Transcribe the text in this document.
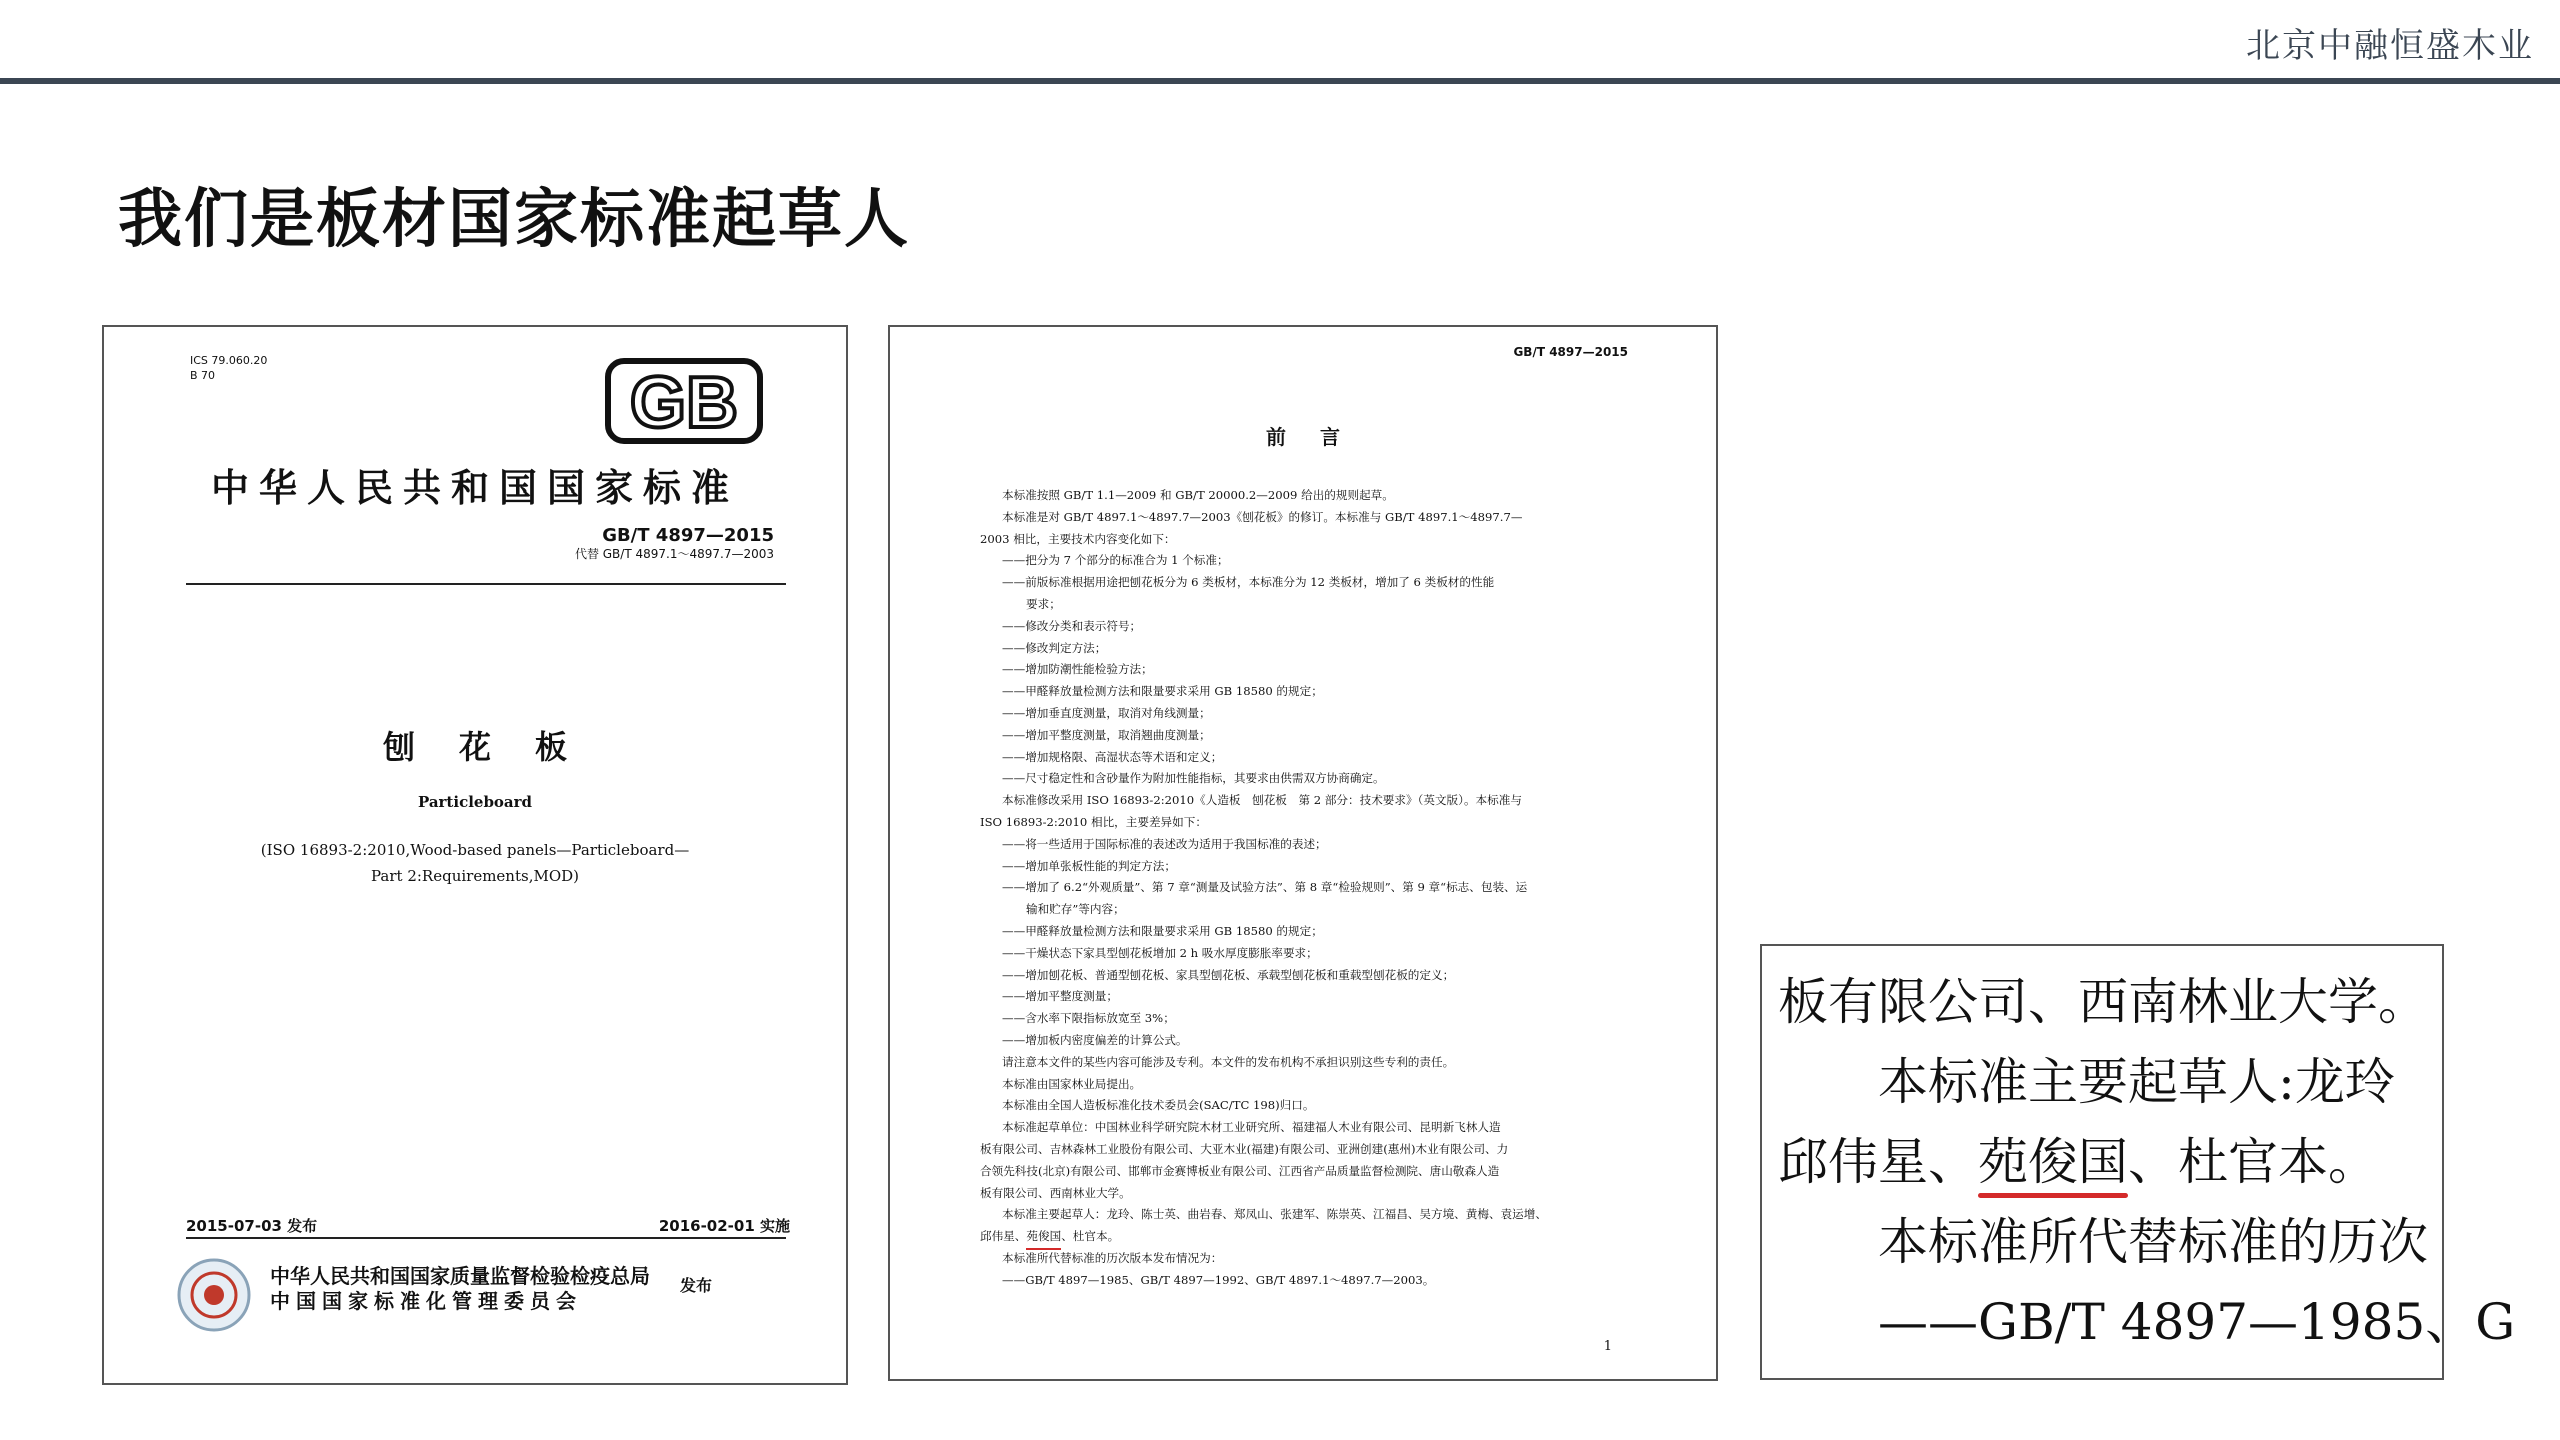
北京中融恒盛木业
我们是板材国家标准起草人
ICS 79.060.20
B 70	GB
中华人民共和国国家标准
GB/T 4897—2015
代替 GB/T 4897.1～4897.7—2003
刨花板
Particleboard
(ISO 16893-2:2010,Wood-based panels—Particleboard—
Part 2:Requirements,MOD)
2015-07-03 发布	2016-02-01 实施
中华人民共和国国家质量监督检验检疫总局
中国国家标准化管理委员会
发布
GB/T 4897—2015
前言
本标准按照 GB/T 1.1—2009 和 GB/T 20000.2—2009 给出的规则起草。
本标准是对 GB/T 4897.1～4897.7—2003《刨花板》的修订。本标准与 GB/T 4897.1～4897.7—
2003 相比，主要技术内容变化如下：
——把分为 7 个部分的标准合为 1 个标准；
——前版标准根据用途把刨花板分为 6 类板材，本标准分为 12 类板材，增加了 6 类板材的性能
要求；
——修改分类和表示符号；
——修改判定方法；
——增加防潮性能检验方法；
——甲醛释放量检测方法和限量要求采用 GB 18580 的规定；
——增加垂直度测量，取消对角线测量；
——增加平整度测量，取消翘曲度测量；
——增加规格限、高湿状态等术语和定义；
——尺寸稳定性和含砂量作为附加性能指标，其要求由供需双方协商确定。
本标准修改采用 ISO 16893-2:2010《人造板　刨花板　第 2 部分：技术要求》（英文版）。本标准与
ISO 16893-2:2010 相比，主要差异如下：
——将一些适用于国际标准的表述改为适用于我国标准的表述；
——增加单张板性能的判定方法；
——增加了 6.2“外观质量”、第 7 章“测量及试验方法”、第 8 章“检验规则”、第 9 章“标志、包装、运
输和贮存”等内容；
——甲醛释放量检测方法和限量要求采用 GB 18580 的规定；
——干燥状态下家具型刨花板增加 2 h 吸水厚度膨胀率要求；
——增加刨花板、普通型刨花板、家具型刨花板、承载型刨花板和重载型刨花板的定义；
——增加平整度测量；
——含水率下限指标放宽至 3%；
——增加板内密度偏差的计算公式。
请注意本文件的某些内容可能涉及专利。本文件的发布机构不承担识别这些专利的责任。
本标准由国家林业局提出。
本标准由全国人造板标准化技术委员会(SAC/TC 198)归口。
本标准起草单位：中国林业科学研究院木材工业研究所、福建福人木业有限公司、昆明新飞林人造
板有限公司、吉林森林工业股份有限公司、大亚木业(福建)有限公司、亚洲创建(惠州)木业有限公司、力
合领先科技(北京)有限公司、邯郸市金赛博板业有限公司、江西省产品质量监督检测院、唐山敬森人造
板有限公司、西南林业大学。
本标准主要起草人：龙玲、陈士英、曲岩春、郑凤山、张建军、陈崇英、江福昌、吴方境、黄梅、袁运增、
邱伟星、苑俊国、杜官本。
本标准所代替标准的历次版本发布情况为：
——GB/T 4897—1985、GB/T 4897—1992、GB/T 4897.1～4897.7—2003。
1
板有限公司、西南林业大学。
本标准主要起草人:龙玲
邱伟星、苑俊国、杜官本。
本标准所代替标准的历次
——GB/T 4897—1985、G
